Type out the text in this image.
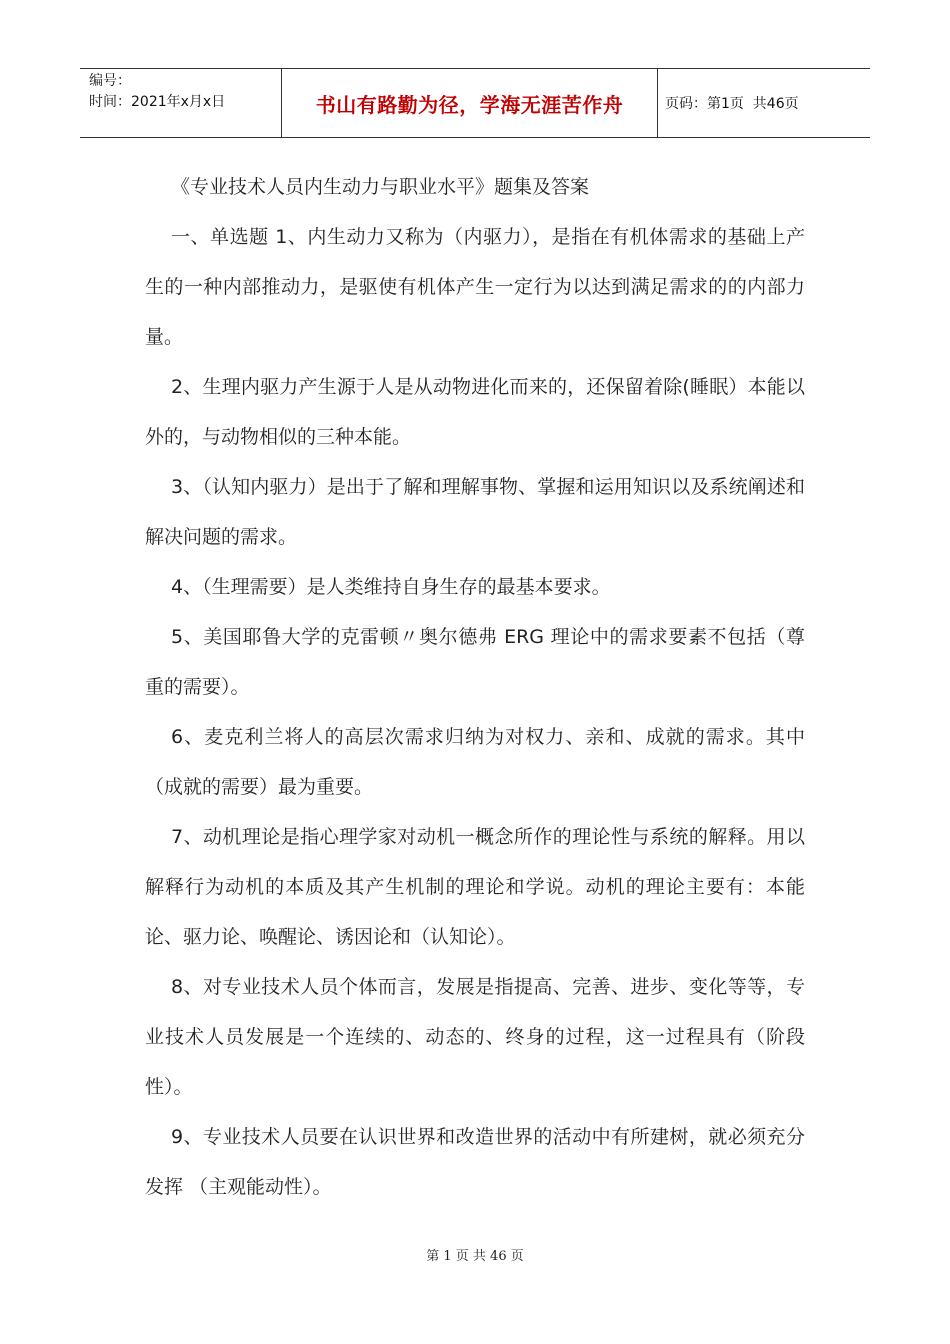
编号：
时间：2021年x月x日	书山有路勤为径，学海无涯苦作舟	页码：第1页  共46页

《专业技术人员内生动力与职业水平》题集及答案

一、单选题 1、内生动力又称为（内驱力），是指在有机体需求的基础上产生的一种内部推动力，是驱使有机体产生一定行为以达到满足需求的的内部力量。

2、生理内驱力产生源于人是从动物进化而来的，还保留着除(睡眠）本能以外的，与动物相似的三种本能。

3、（认知内驱力）是出于了解和理解事物、掌握和运用知识以及系统阐述和解决问题的需求。

4、（生理需要）是人类维持自身生存的最基本要求。

5、美国耶鲁大学的克雷顿〃奥尔德弗 ERG 理论中的需求要素不包括（尊重的需要）。

6、麦克利兰将人的高层次需求归纳为对权力、亲和、成就的需求。其中 （成就的需要）最为重要。

7、动机理论是指心理学家对动机一概念所作的理论性与系统的解释。用以解释行为动机的本质及其产生机制的理论和学说。动机的理论主要有：本能论、驱力论、唤醒论、诱因论和（认知论）。

8、对专业技术人员个体而言，发展是指提高、完善、进步、变化等等，专业技术人员发展是一个连续的、动态的、终身的过程，这一过程具有（阶段性）。

9、专业技术人员要在认识世界和改造世界的活动中有所建树，就必须充分发挥 （主观能动性）。

第 1 页 共 46 页
